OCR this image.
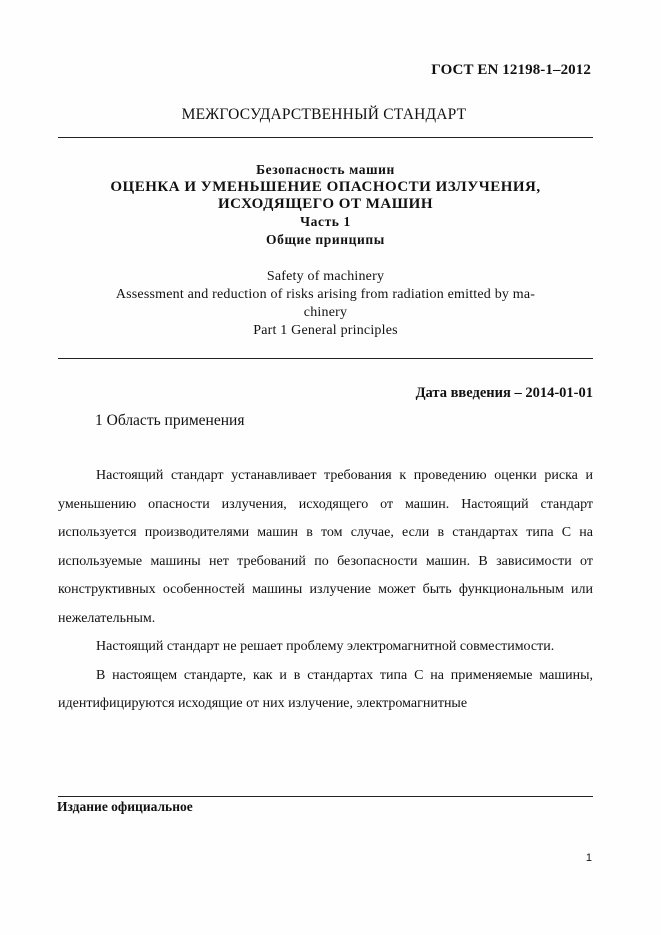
ГОСТ EN 12198-1–2012
МЕЖГОСУДАРСТВЕННЫЙ СТАНДАРТ
Безопасность машин
ОЦЕНКА И УМЕНЬШЕНИЕ ОПАСНОСТИ ИЗЛУЧЕНИЯ,
ИСХОДЯЩЕГО ОТ МАШИН
Часть 1
Общие принципы
Safety of machinery
Assessment and reduction of risks arising from radiation emitted by ma-
chinery
Part 1 General principles
Дата введения – 2014-01-01
1 Область применения

Настоящий стандарт устанавливает требования к проведению оценки риска и уменьшению опасности излучения, исходящего от машин. Настоящий стандарт используется производителями машин в том случае, если в стандартах типа С на используемые машины нет требований по безопасности машин. В зависимости от конструктивных особенностей машины излучение может быть функциональным или нежелательным.

Настоящий стандарт не решает проблему электромагнитной совместимости.

В настоящем стандарте, как и в стандартах типа С на применяемые машины, идентифицируются исходящие от них излучение, электромагнитные

Издание официальное
1
